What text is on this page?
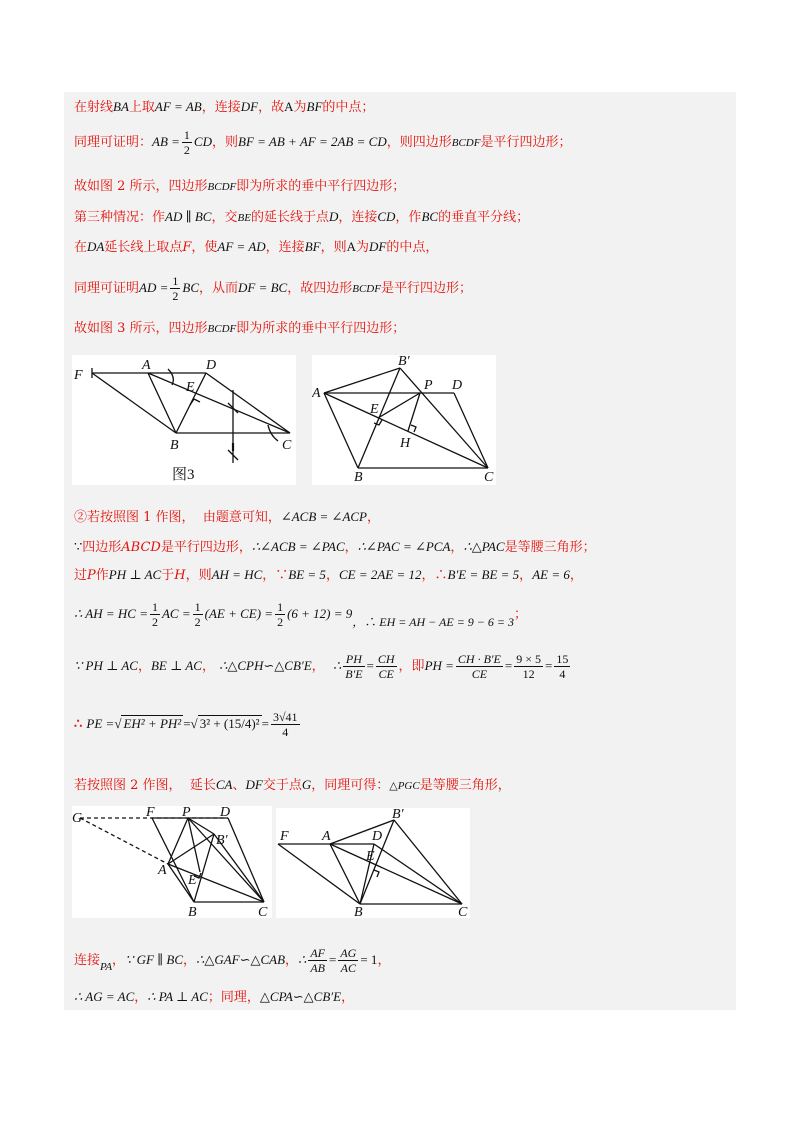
在射线BA上取AF = AB，连接DF，故A为BF的中点；
同理可证明：AB = $\frac{1}{2}$ CD，则BF = AB + AF = 2AB = CD，则四边形BCDF是平行四边形；
故如图 2 所示，四边形BCDF即为所求的垂中平行四边形；
第三种情况：作AD ∥ BC，交BE的延长线于点D，连接CD，作BC的垂直平分线；
在DA延长线上取点F，使AF = AD，连接BF，则A为DF的中点，
同理可证明AD = $\frac{1}{2}$ BC，从而DF = BC，故四边形BCDF是平行四边形；
故如图 3 所示，四边形BCDF即为所求的垂中平行四边形；
F
A	D
E
B	C
图3
B′
A
P D
E
H
B	C
②若按照图 1 作图， 由题意可知，∠ACB = ∠ACP，
∵四边形ABCD是平行四边形，∴∠ACB = ∠PAC，∴∠PAC = ∠PCA，∴△PAC是等腰三角形；
过P作PH ⊥ AC于H，则AH = HC，∵BE = 5，CE = 2AE = 12，∴B′E = BE = 5，AE = 6，
∴ AH = HC = $\frac{1}{2}$ AC = $\frac{1}{2} (AE + CE) = \frac{1}{2} (6 + 12) = 9$，∴ EH = AH − AE = 9 − 6 = 3；
∵ PH ⊥ AC，BE ⊥ AC， ∴△CPH∽△CB′E， ∴ $\frac{PH}{B'E} = \frac{CH}{CE}$ ，即PH = $\frac{CH \cdot B'E}{CE} = \frac{9 \times 5}{12} = \frac{15}{4}$
∴ PE =√ EH² + PH² =√ $3^2 + (15/4)^2 = \frac{3√41}{4}$
若按照图 2 作图， 延长CA、DF交于点G，同理可得：△PGC是等腰三角形，
G	F P D
B′
A
E
B	C
F A	D
B′
E
B	C
连接$_{PA}$，∵ GF ∥ BC，∴△GAF∽△CAB，∴ $\frac{AF}{AB} = \frac{AG}{AC} = 1$，
∴ AG = AC，∴ PA ⊥ AC；同理，△CPA∽△CB′E，
